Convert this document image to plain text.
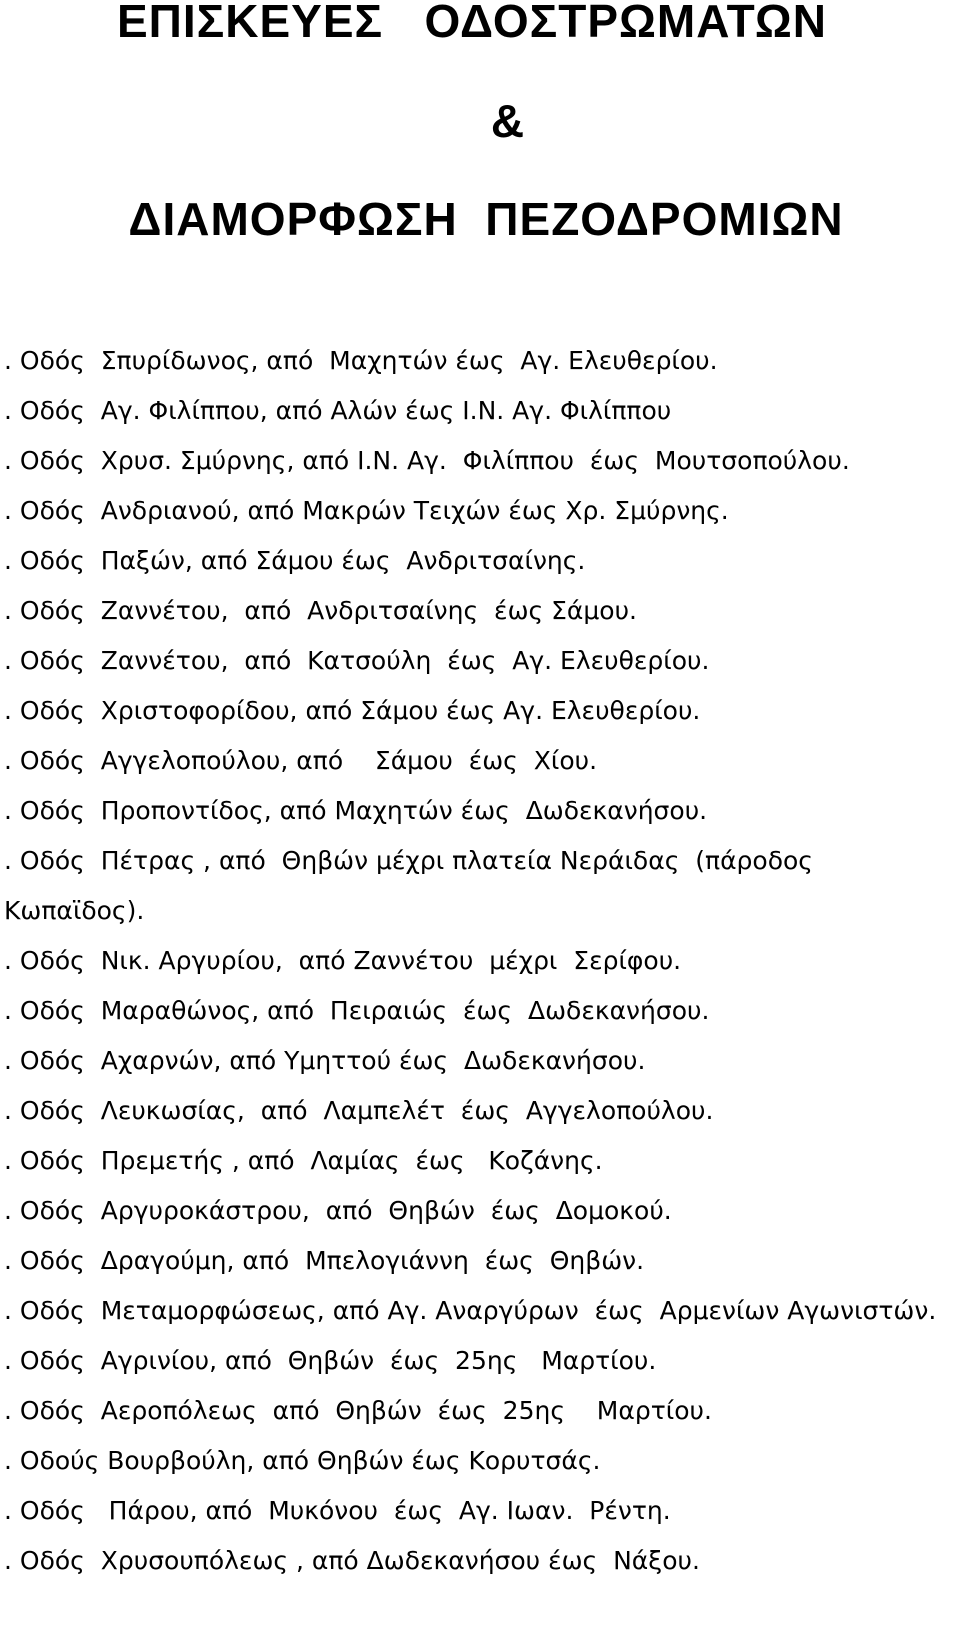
ΕΠΙΣΚΕΥΕΣ   ΟΔΟΣΤΡΩΜΑΤΩΝ
&
ΔΙΑΜΟΡΦΩΣΗ  ΠΕΖΟΔΡΟΜΙΩΝ
. Οδός  Σπυρίδωνος, από  Μαχητών έως  Αγ. Ελευθερίου.
. Οδός  Αγ. Φιλίππου, από Αλών έως Ι.Ν. Αγ. Φιλίππου
. Οδός  Χρυσ. Σμύρνης, από Ι.Ν. Αγ.  Φιλίππου  έως  Μουτσοπούλου.
. Οδός  Ανδριανού, από Μακρών Τειχών έως Χρ. Σμύρνης.
. Οδός  Παξών, από Σάμου έως  Ανδριτσαίνης.
. Οδός  Ζαννέτου,  από  Ανδριτσαίνης  έως Σάμου.
. Οδός  Ζαννέτου,  από  Κατσούλη  έως  Αγ. Ελευθερίου.
. Οδός  Χριστοφορίδου, από Σάμου έως Αγ. Ελευθερίου.
. Οδός  Αγγελοπούλου, από    Σάμου  έως  Χίου.
. Οδός  Προποντίδος, από Μαχητών έως  Δωδεκανήσου.
. Οδός  Πέτρας , από  Θηβών μέχρι πλατεία Νεράιδας  (πάροδος Κωπαϊδος).
. Οδός  Νικ. Αργυρίου,  από Ζαννέτου  μέχρι  Σερίφου.
. Οδός  Μαραθώνος, από  Πειραιώς  έως  Δωδεκανήσου.
. Οδός  Αχαρνών, από Υμηττού έως  Δωδεκανήσου.
. Οδός  Λευκωσίας,  από  Λαμπελέτ  έως  Αγγελοπούλου.
. Οδός  Πρεμετής , από  Λαμίας  έως   Κοζάνης.
. Οδός  Αργυροκάστρου,  από  Θηβών  έως  Δομοκού.
. Οδός  Δραγούμη, από  Μπελογιάννη  έως  Θηβών.
. Οδός  Μεταμορφώσεως, από Αγ. Αναργύρων  έως  Αρμενίων Αγωνιστών.
. Οδός  Αγρινίου, από  Θηβών  έως  25ης   Μαρτίου.
. Οδός  Αεροπόλεως  από  Θηβών  έως  25ης    Μαρτίου.
. Οδούς Βουρβούλη, από Θηβών έως Κορυτσάς.
. Οδός   Πάρου, από  Μυκόνου  έως  Αγ. Ιωαν.  Ρέντη.
. Οδός  Χρυσουπόλεως , από Δωδεκανήσου έως  Νάξου.
